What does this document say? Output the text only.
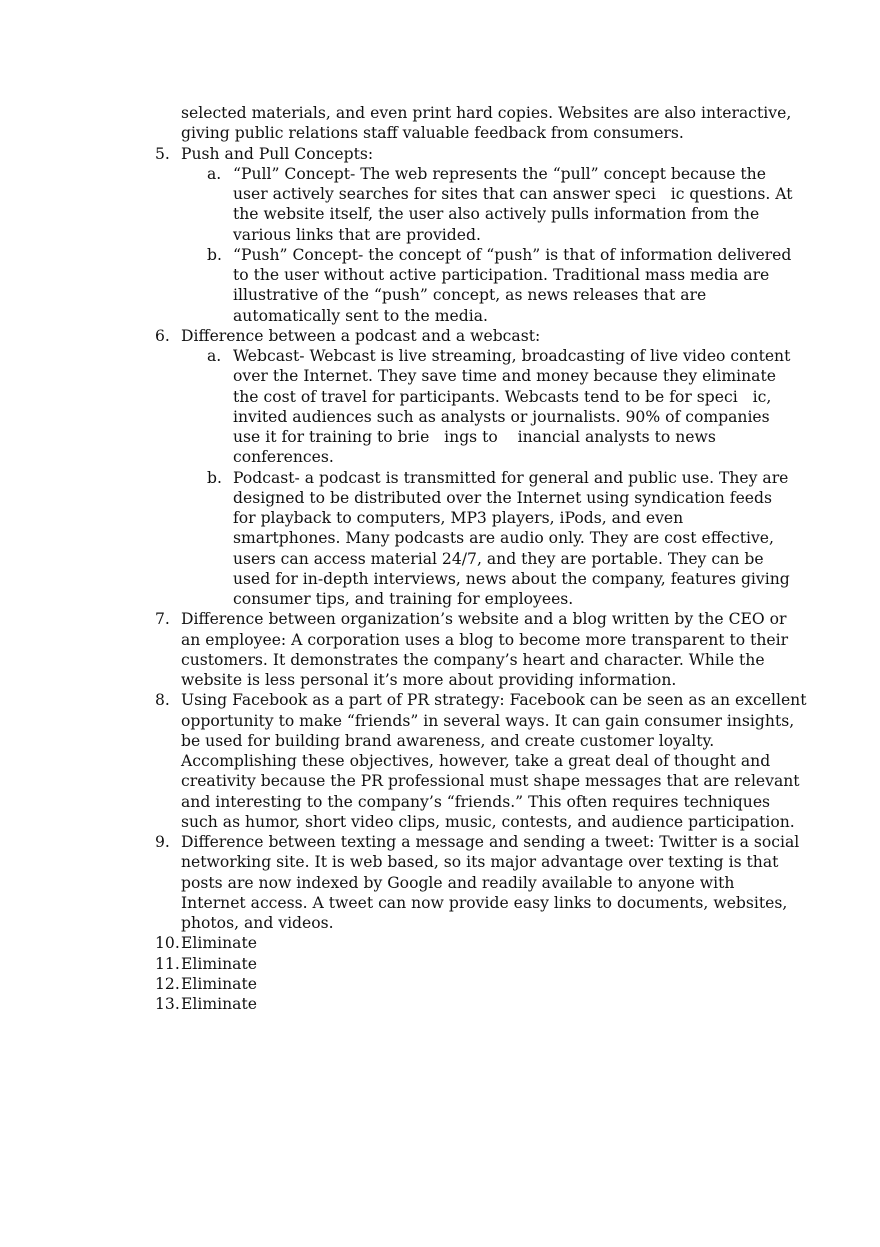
selected materials, and even print hard copies. Websites are also interactive,
giving public relations staff valuable feedback from consumers.
5. Push and Pull Concepts:
a. “Pull” Concept- The web represents the “pull” concept because the
user actively searches for sites that can answer speci   ic questions. At
the website itself, the user also actively pulls information from the
various links that are provided.
b. “Push” Concept- the concept of “push” is that of information delivered
to the user without active participation. Traditional mass media are
illustrative of the “push” concept, as news releases that are
automatically sent to the media.
6. Difference between a podcast and a webcast:
a. Webcast- Webcast is live streaming, broadcasting of live video content
over the Internet. They save time and money because they eliminate
the cost of travel for participants. Webcasts tend to be for speci   ic,
invited audiences such as analysts or journalists. 90% of companies
use it for training to brie   ings to    inancial analysts to news
conferences.
b. Podcast- a podcast is transmitted for general and public use. They are
designed to be distributed over the Internet using syndication feeds
for playback to computers, MP3 players, iPods, and even
smartphones. Many podcasts are audio only. They are cost effective,
users can access material 24/7, and they are portable. They can be
used for in-depth interviews, news about the company, features giving
consumer tips, and training for employees.
7. Difference between organization’s website and a blog written by the CEO or
an employee: A corporation uses a blog to become more transparent to their
customers. It demonstrates the company’s heart and character. While the
website is less personal it’s more about providing information.
8. Using Facebook as a part of PR strategy: Facebook can be seen as an excellent
opportunity to make “friends” in several ways. It can gain consumer insights,
be used for building brand awareness, and create customer loyalty.
Accomplishing these objectives, however, take a great deal of thought and
creativity because the PR professional must shape messages that are relevant
and interesting to the company’s “friends.” This often requires techniques
such as humor, short video clips, music, contests, and audience participation.
9. Difference between texting a message and sending a tweet: Twitter is a social
networking site. It is web based, so its major advantage over texting is that
posts are now indexed by Google and readily available to anyone with
Internet access. A tweet can now provide easy links to documents, websites,
photos, and videos.
10. Eliminate
11. Eliminate
12. Eliminate
13. Eliminate
